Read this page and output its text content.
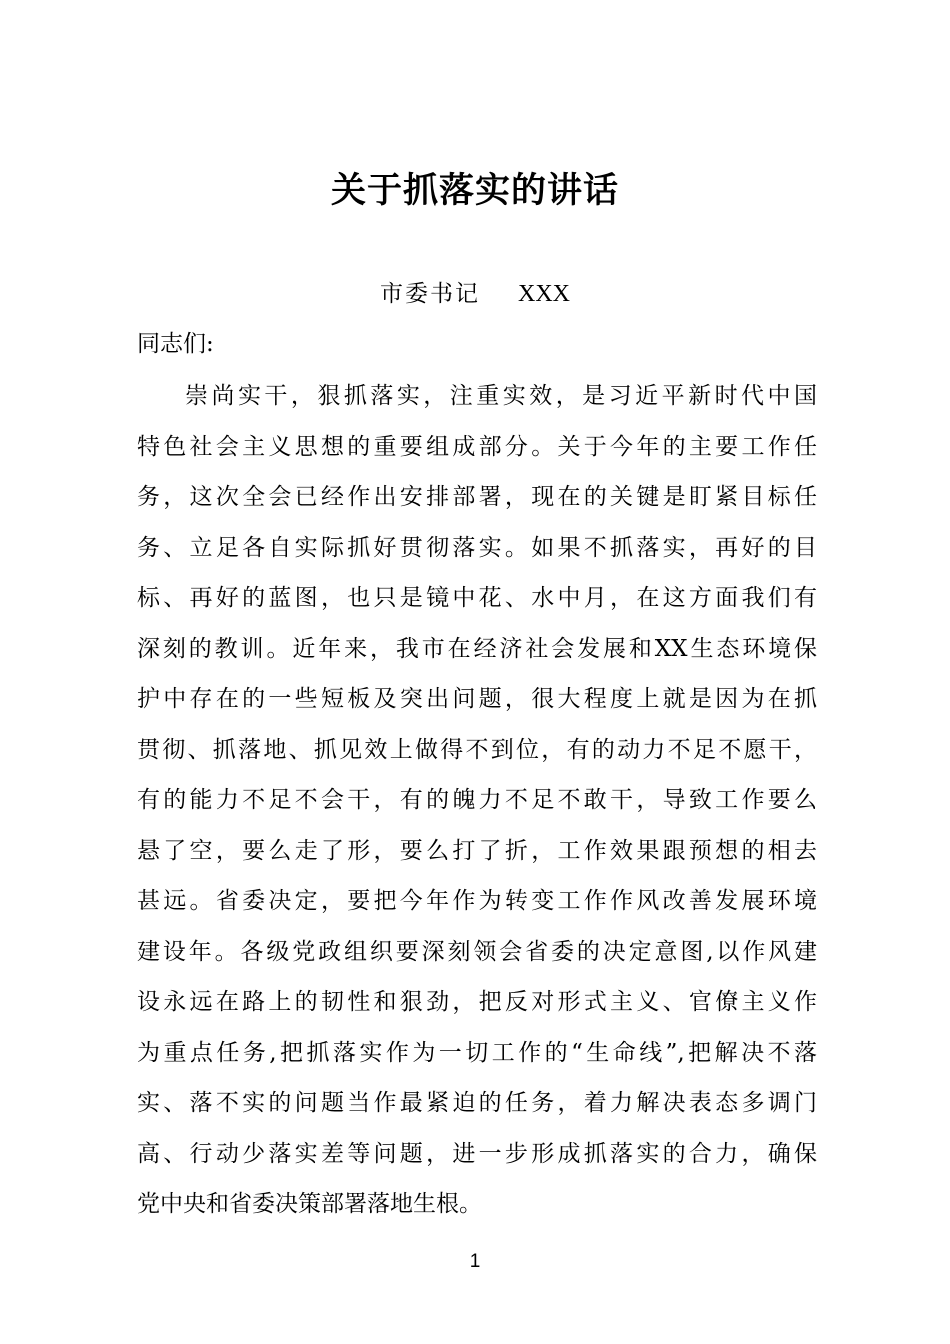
关于抓落实的讲话
市委书记 XXX
同志们:
崇尚实干，狠抓落实，注重实效，是习近平新时代中国
特色社会主义思想的重要组成部分。关于今年的主要工作任
务，这次全会已经作出安排部署，现在的关键是盯紧目标任
务、立足各自实际抓好贯彻落实。如果不抓落实，再好的目
标、再好的蓝图，也只是镜中花、水中月，在这方面我们有
深刻的教训。近年来，我市在经济社会发展和XX生态环境保
护中存在的一些短板及突出问题，很大程度上就是因为在抓
贯彻、抓落地、抓见效上做得不到位，有的动力不足不愿干，
有的能力不足不会干，有的魄力不足不敢干，导致工作要么
悬了空，要么走了形，要么打了折，工作效果跟预想的相去
甚远。省委决定，要把今年作为转变工作作风改善发展环境
建设年。各级党政组织要深刻领会省委的决定意图,以作风建
设永远在路上的韧性和狠劲，把反对形式主义、官僚主义作
为重点任务,把抓落实作为一切工作的“生命线”,把解决不落
实、落不实的问题当作最紧迫的任务，着力解决表态多调门
高、行动少落实差等问题，进一步形成抓落实的合力，确保
党中央和省委决策部署落地生根。
1
